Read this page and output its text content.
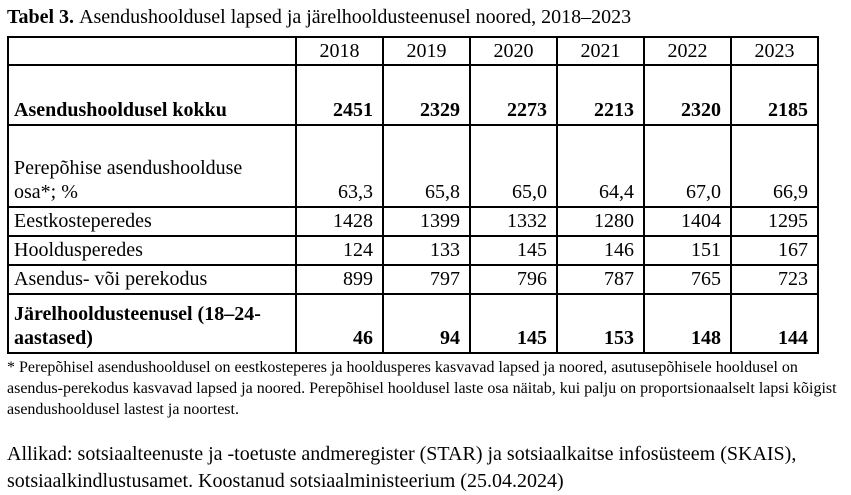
Tabel 3. Asendushooldusel lapsed ja järelhooldusteenusel noored, 2018–2023

	2018	2019	2020	2021	2022	2023
Asendushooldusel kokku	2451	2329	2273	2213	2320	2185
Perepõhise asendushoolduse osa*; %	63,3	65,8	65,0	64,4	67,0	66,9
Eestkosteperedes	1428	1399	1332	1280	1404	1295
Hooldusperedes	124	133	145	146	151	167
Asendus- või perekodus	899	797	796	787	765	723
Järelhooldusteenusel (18–24-aastased)	46	94	145	153	148	144

* Perepõhisel asendushooldusel on eestkosteperes ja hooldusperes kasvavad lapsed ja noored, asutusepõhisele hooldusel on asendus-perekodus kasvavad lapsed ja noored. Perepõhisel hooldusel laste osa näitab, kui palju on proportsionaalselt lapsi kõigist asendushooldusel lastest ja noortest.

Allikad: sotsiaalteenuste ja -toetuste andmeregister (STAR) ja sotsiaalkaitse infosüsteem (SKAIS), sotsiaalkindlustusamet. Koostanud sotsiaalministeerium (25.04.2024)
